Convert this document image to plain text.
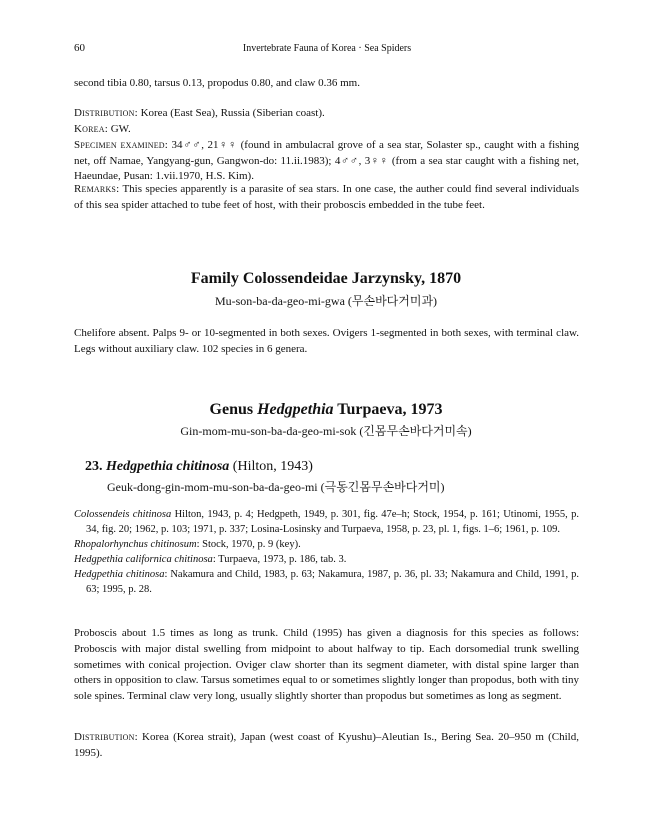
60	Invertebrate Fauna of Korea · Sea Spiders
second tibia 0.80, tarsus 0.13, propodus 0.80, and claw 0.36 mm.
Distribution: Korea (East Sea), Russia (Siberian coast).
Korea: GW.
Specimen examined: 34♂♂, 21♀♀ (found in ambulacral grove of a sea star, Solaster sp., caught with a fishing net, off Namae, Yangyang-gun, Gangwon-do: 11.ii.1983); 4♂♂, 3♀♀ (from a sea star caught with a fishing net, Haeundae, Pusan: 1.vii.1970, H.S. Kim).
Remarks: This species apparently is a parasite of sea stars. In one case, the auther could find several individuals of this sea spider attached to tube feet of host, with their proboscis embedded in the tube feet.
Family Colossendeidae Jarzynsky, 1870
Mu-son-ba-da-geo-mi-gwa (무손바다거미과)
Chelifore absent. Palps 9- or 10-segmented in both sexes. Ovigers 1-segmented in both sexes, with terminal claw. Legs without auxiliary claw. 102 species in 6 genera.
Genus Hedgpethia Turpaeva, 1973
Gin-mom-mu-son-ba-da-geo-mi-sok (긴몸무손바다거미속)
23. Hedgpethia chitinosa (Hilton, 1943)
Geuk-dong-gin-mom-mu-son-ba-da-geo-mi (극동긴몸무손바다거미)
Colossendeis chitinosa Hilton, 1943, p. 4; Hedgpeth, 1949, p. 301, fig. 47e–h; Stock, 1954, p. 161; Utinomi, 1955, p. 34, fig. 20; 1962, p. 103; 1971, p. 337; Losina-Losinsky and Turpaeva, 1958, p. 23, pl. 1, figs. 1–6; 1961, p. 109.
Rhopalorhynchus chitinosum: Stock, 1970, p. 9 (key).
Hedgpethia californica chitinosa: Turpaeva, 1973, p. 186, tab. 3.
Hedgpethia chitinosa: Nakamura and Child, 1983, p. 63; Nakamura, 1987, p. 36, pl. 33; Nakamura and Child, 1991, p. 63; 1995, p. 28.
Proboscis about 1.5 times as long as trunk. Child (1995) has given a diagnosis for this species as follows: Proboscis with major distal swelling from midpoint to about halfway to tip. Each dorsomedial trunk swelling sometimes with conical projection. Oviger claw shorter than its segment diameter, with distal spine larger than others in opposition to claw. Tarsus sometimes equal to or sometimes slightly longer than propodus, both with tiny sole spines. Terminal claw very long, usually slightly shorter than propodus but sometimes as long as segment.
Distribution: Korea (Korea strait), Japan (west coast of Kyushu)–Aleutian Is., Bering Sea. 20–950 m (Child, 1995).
